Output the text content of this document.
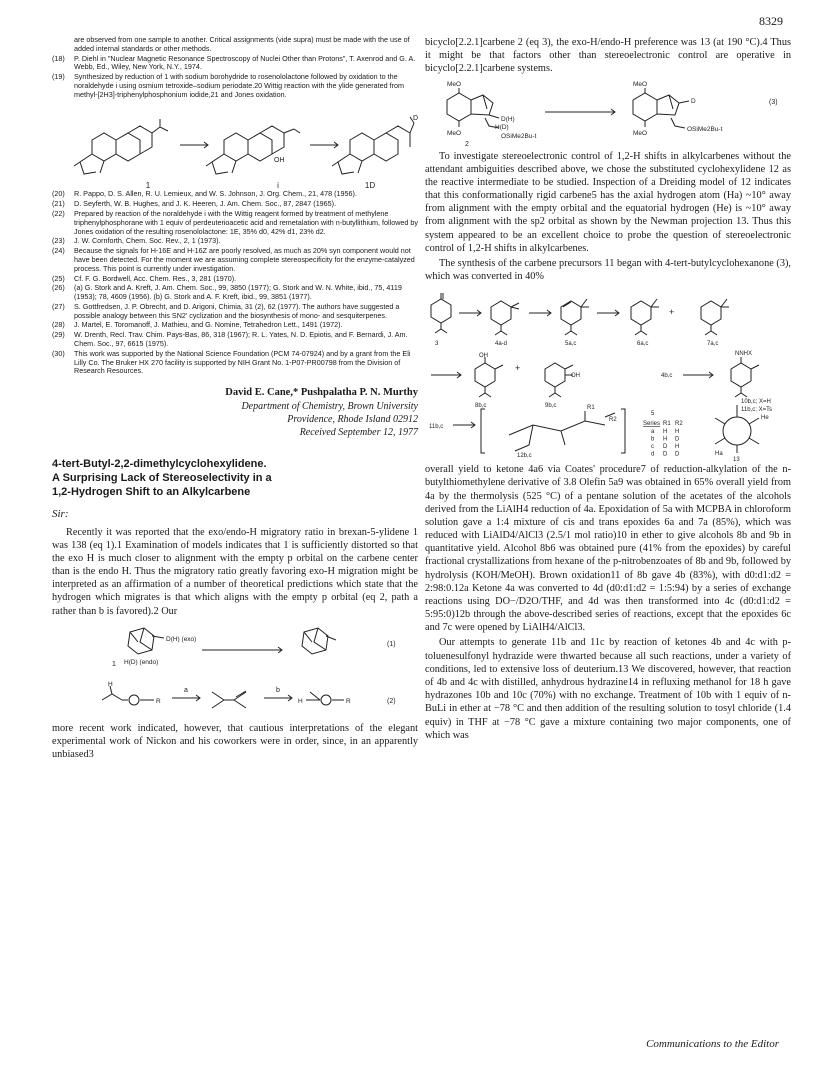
8329
are observed from one sample to another. Critical assignments (vide supra) must be made with the use of added internal standards or other methods.
(18)	P. Diehl in "Nuclear Magnetic Resonance Spectroscopy of Nuclei Other than Protons", T. Axenrod and G. A. Webb, Ed., Wiley, New York, N.Y., 1974.
(19)	Synthesized by reduction of 1 with sodium borohydride to rosenololactone followed by oxidation to the noraldehyde i using osmium tetroxide–sodium periodate.20 Wittig reaction with the ylide generated from methyl-[2H3]-triphenylphosphonium iodide,21 and Jones oxidation.
OH
D
1	i	1D
(20)	R. Pappo, D. S. Allen, R. U. Lemieux, and W. S. Johnson, J. Org. Chem., 21, 478 (1956).
(21)	D. Seyferth, W. B. Hughes, and J. K. Heeren, J. Am. Chem. Soc., 87, 2847 (1965).
(22)	Prepared by reaction of the noraldehyde i with the Wittig reagent formed by treatment of methylene triphenylphosphorane with 1 equiv of perdeuterioacetic acid and remetalation with n-butyllithium, followed by Jones oxidation of the resulting rosenololactone: 1E, 35% d0, 42% d1, 23% d2.
(23)	J. W. Cornforth, Chem. Soc. Rev., 2, 1 (1973).
(24)	Because the signals for H-16E and H-16Z are poorly resolved, as much as 20% syn component would not have been detected. For the moment we are assuming complete stereospecificity for the enzyme-catalyzed process. This point is currently under investigation.
(25)	Cf. F. G. Bordwell, Acc. Chem. Res., 3, 281 (1970).
(26)	(a) G. Stork and A. Kreft, J. Am. Chem. Soc., 99, 3850 (1977); G. Stork and W. N. White, ibid., 75, 4119 (1953); 78, 4609 (1956). (b) G. Stork and A. F. Kreft, ibid., 99, 3851 (1977).
(27)	S. Gottfredsen, J. P. Obrecht, and D. Arigoni, Chimia, 31 (2), 62 (1977). The authors have suggested a possible analogy between this SN2' cyclization and the biosynthesis of mono- and sesquiterpenes.
(28)	J. Martel, E. Toromanoff, J. Mathieu, and G. Nomine, Tetrahedron Lett., 1491 (1972).
(29)	W. Drenth, Recl. Trav. Chim. Pays-Bas, 86, 318 (1967); R. L. Yates, N. D. Epiotis, and F. Bernardi, J. Am. Chem. Soc., 97, 6615 (1975).
(30)	This work was supported by the National Science Foundation (PCM 74-07924) and by a grant from the Eli Lilly Co. The Bruker HX 270 facility is supported by NIH Grant No. 1-P07-PR00798 from the Division of Research Resources.
David E. Cane,* Pushpalatha P. N. Murthy
Department of Chemistry, Brown University
Providence, Rhode Island 02912
Received September 12, 1977
4-tert-Butyl-2,2-dimethylcyclohexylidene.
A Surprising Lack of Stereoselectivity in a
1,2-Hydrogen Shift to an Alkylcarbene
Sir:

Recently it was reported that the exo/endo-H migratory ratio in brexan-5-ylidene 1 was 138 (eq 1).1 Examination of models indicates that 1 is sufficiently distorted so that the exo H is much closer to alignment with the empty p orbital on the carbene center than is the endo H. Thus the migratory ratio greatly favoring exo-H migration might be interpreted as an affirmation of a number of theoretical predictions which state that the hydrogen which migrates is that which aligns with the empty p orbital (eq 2, path a rather than b is favored).2 Our

D(H) (exo)
H(D) (endo)
1
(1)
H
R
a	b
H	R	(2)

more recent work indicated, however, that cautious interpretations of the elegant experimental work of Nickon and his coworkers were in order, since, in an apparently unbiased3

bicyclo[2.2.1]carbene 2 (eq 3), the exo-H/endo-H preference was 13 (at 190 °C).4 Thus it might be that factors other than stereoelectronic control are operative in bicyclo[2.2.1]carbene systems.

MeO
MeO
D(H)
H(D)
OSiMe2Bu-t
2
MeO
MeO
D
OSiMe2Bu-t
(3)

To investigate stereoelectronic control of 1,2-H shifts in alkylcarbenes without the attendant ambiguities described above, we chose the substituted cyclohexylidene 12 as the reactive intermediate to be studied. Inspection of a Dreiding model of 12 indicates that this conformationally rigid carbene5 has the axial hydrogen atom (Ha) ~10° away from alignment with the empty orbital and the equatorial hydrogen (He) is ~10° away from alignment with the sp2 orbital as shown by the Newman projection 13. Thus this system appeared to be an excellent choice to probe the question of stereoelectronic control of 1,2-H shifts in alkylcarbenes.

The synthesis of the carbene precursors 11 began with 4-tert-butylcyclohexanone (3), which was converted in 40%

3	4a-d	5a,c	6a,c	7a,c
+
+
OH
OH
8b,c	9b,c
4b,c
NNHX
10b,c; X=H
11b,c; X=Ts
11b,c
12b,c
R1
R2	He
Ha
13
5
Series R1 R2
a H H
b H D
c D H
d D D

overall yield to ketone 4a6 via Coates' procedure7 of reduction-alkylation of the n-butylthiomethylene derivative of 3.8 Olefin 5a9 was obtained in 65% overall yield from 4a by the thermolysis (525 °C) of a pentane solution of the acetates of the alcohols derived from the LiAlH4 reduction of 4a. Epoxidation of 5a with MCPBA in chloroform solution gave a 1:4 mixture of cis and trans epoxides 6a and 7a (85%), which was reduced with LiAlD4/AlCl3 (2.5/1 mol ratio)10 in ether to give alcohols 8b and 9b in quantitative yield. Alcohol 8b6 was obtained pure (41% from the epoxides) by careful fractional crystallizations from hexane of the p-nitrobenzoates of 8b and 9b, followed by hydrolysis (KOH/MeOH). Brown oxidation11 of 8b gave 4b (83%), with d0:d1:d2 = 2:98:0.12a Ketone 4a was converted to 4d (d0:d1:d2 = 1:5:94) by a series of exchange reactions using DO−/D2O/THF, and 4d was then transformed into 4c (d0:d1:d2 = 5:95:0)12b through the above-described series of reactions, except that the epoxides 6c and 7c were opened by LiAlH4/AlCl3.

Our attempts to generate 11b and 11c by reaction of ketones 4b and 4c with p-toluenesulfonyl hydrazide were thwarted because all such reactions, under a variety of conditions, led to extensive loss of deuterium.13 We discovered, however, that reaction of 4b and 4c with distilled, anhydrous hydrazine14 in refluxing methanol for 18 h gave hydrazones 10b and 10c (70%) with no exchange. Treatment of 10b with 1 equiv of n-BuLi in ether at −78 °C and then addition of the resulting solution to tosyl chloride (1.4 equiv) in THF at −78 °C gave a mixture containing two major components, one of which was

Communications to the Editor
